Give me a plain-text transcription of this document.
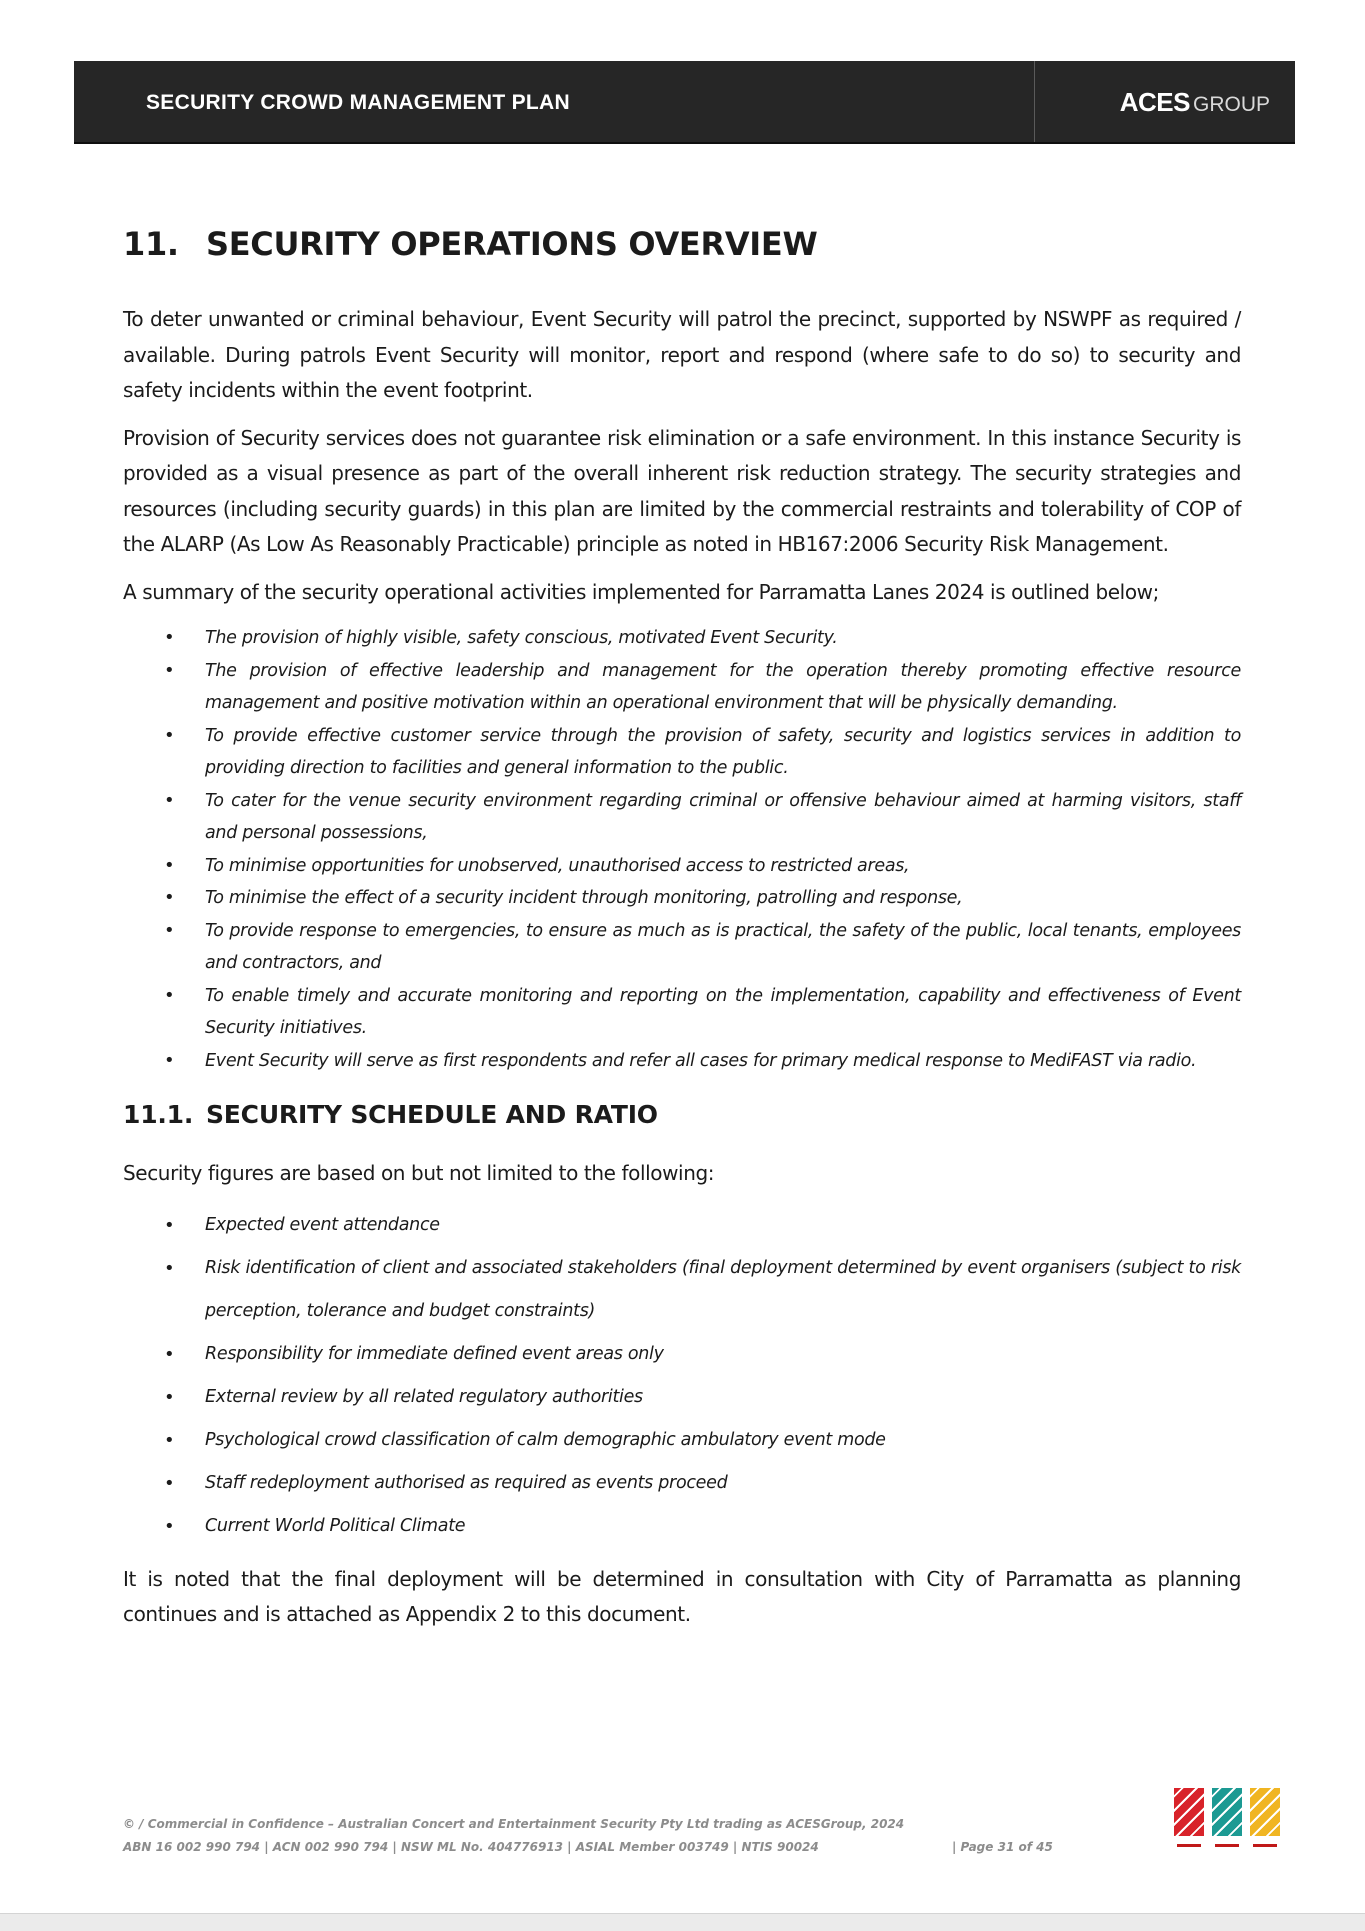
SECURITY CROWD MANAGEMENT PLAN	ACES GROUP
11. SECURITY OPERATIONS OVERVIEW

To deter unwanted or criminal behaviour, Event Security will patrol the precinct, supported by NSWPF as required / available. During patrols Event Security will monitor, report and respond (where safe to do so) to security and safety incidents within the event footprint.

Provision of Security services does not guarantee risk elimination or a safe environment. In this instance Security is provided as a visual presence as part of the overall inherent risk reduction strategy. The security strategies and resources (including security guards) in this plan are limited by the commercial restraints and tolerability of COP of the ALARP (As Low As Reasonably Practicable) principle as noted in HB167:2006 Security Risk Management.

A summary of the security operational activities implemented for Parramatta Lanes 2024 is outlined below;

• The provision of highly visible, safety conscious, motivated Event Security.
• The provision of effective leadership and management for the operation thereby promoting effective resource management and positive motivation within an operational environment that will be physically demanding.
• To provide effective customer service through the provision of safety, security and logistics services in addition to providing direction to facilities and general information to the public.
• To cater for the venue security environment regarding criminal or offensive behaviour aimed at harming visitors, staff and personal possessions,
• To minimise opportunities for unobserved, unauthorised access to restricted areas,
• To minimise the effect of a security incident through monitoring, patrolling and response,
• To provide response to emergencies, to ensure as much as is practical, the safety of the public, local tenants, employees and contractors, and
• To enable timely and accurate monitoring and reporting on the implementation, capability and effectiveness of Event Security initiatives.
• Event Security will serve as first respondents and refer all cases for primary medical response to MediFAST via radio.
11.1. SECURITY SCHEDULE AND RATIO

Security figures are based on but not limited to the following:

• Expected event attendance
• Risk identification of client and associated stakeholders (final deployment determined by event organisers (subject to risk perception, tolerance and budget constraints)
• Responsibility for immediate defined event areas only
• External review by all related regulatory authorities
• Psychological crowd classification of calm demographic ambulatory event mode
• Staff redeployment authorised as required as events proceed
• Current World Political Climate

It is noted that the final deployment will be determined in consultation with City of Parramatta as planning continues and is attached as Appendix 2 to this document.

© / Commercial in Confidence – Australian Concert and Entertainment Security Pty Ltd trading as ACESGroup, 2024
ABN 16 002 990 794 | ACN 002 990 794 | NSW ML No. 404776913 | ASIAL Member 003749 | NTIS 90024	| Page 31 of 45
